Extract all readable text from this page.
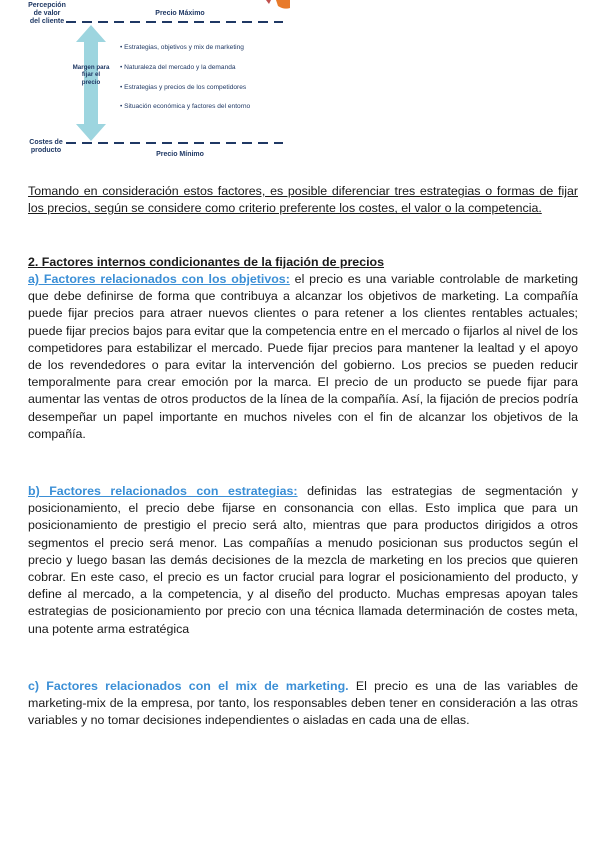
Percepción de valor del cliente
Precio Máximo
Margen para fijar el precio
Costes de producto
Precio Mínimo
• Estrategias, objetivos y mix de marketing
• Naturaleza del mercado y la demanda
• Estrategias y precios de los competidores
• Situación económica y factores del entorno

Tomando en consideración estos factores, es posible diferenciar tres estrategias o formas de fijar los precios, según se considere como criterio preferente los costes, el valor o la competencia.

2. Factores internos condicionantes de la fijación de precios

a) Factores relacionados con los objetivos: el precio es una variable controlable de marketing que debe definirse de forma que contribuya a alcanzar los objetivos de marketing. La compañía puede fijar precios para atraer nuevos clientes o para retener a los clientes rentables actuales; puede fijar precios bajos para evitar que la competencia entre en el mercado o fijarlos al nivel de los competidores para estabilizar el mercado. Puede fijar precios para mantener la lealtad y el apoyo de los revendedores o para evitar la intervención del gobierno. Los precios se pueden reducir temporalmente para crear emoción por la marca. El precio de un producto se puede fijar para aumentar las ventas de otros productos de la línea de la compañía. Así, la fijación de precios podría desempeñar un papel importante en muchos niveles con el fin de alcanzar los objetivos de la compañía.

b) Factores relacionados con estrategias: definidas las estrategias de segmentación y posicionamiento, el precio debe fijarse en consonancia con ellas. Esto implica que para un posicionamiento de prestigio el precio será alto, mientras que para productos dirigidos a otros segmentos el precio será menor. Las compañías a menudo posicionan sus productos según el precio y luego basan las demás decisiones de la mezcla de marketing en los precios que quieren cobrar. En este caso, el precio es un factor crucial para lograr el posicionamiento del producto, y define al mercado, a la competencia, y al diseño del producto. Muchas empresas apoyan tales estrategias de posicionamiento por precio con una técnica llamada determinación de costes meta, una potente arma estratégica

c) Factores relacionados con el mix de marketing. El precio es una de las variables de marketing-mix de la empresa, por tanto, los responsables deben tener en consideración a las otras variables y no tomar decisiones independientes o aisladas en cada una de ellas.
